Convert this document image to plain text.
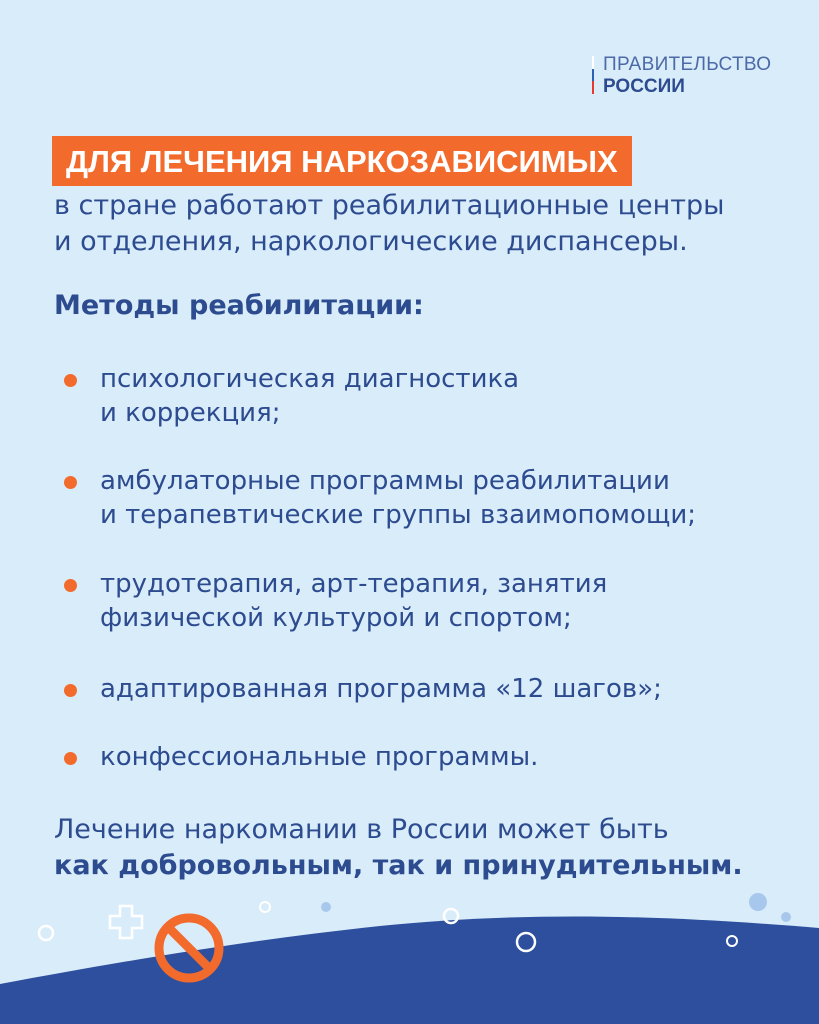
ПРАВИТЕЛЬСТВО
РОССИИ
ДЛЯ ЛЕЧЕНИЯ НАРКОЗАВИСИМЫХ
в стране работают реабилитационные центры
и отделения, наркологические диспансеры.
Методы реабилитации:
психологическая диагностика
и коррекция;
амбулаторные программы реабилитации
и терапевтические группы взаимопомощи;
трудотерапия, арт-терапия, занятия
физической культурой и спортом;
адаптированная программа «12 шагов»;
конфессиональные программы.
Лечение наркомании в России может быть
как добровольным, так и принудительным.
